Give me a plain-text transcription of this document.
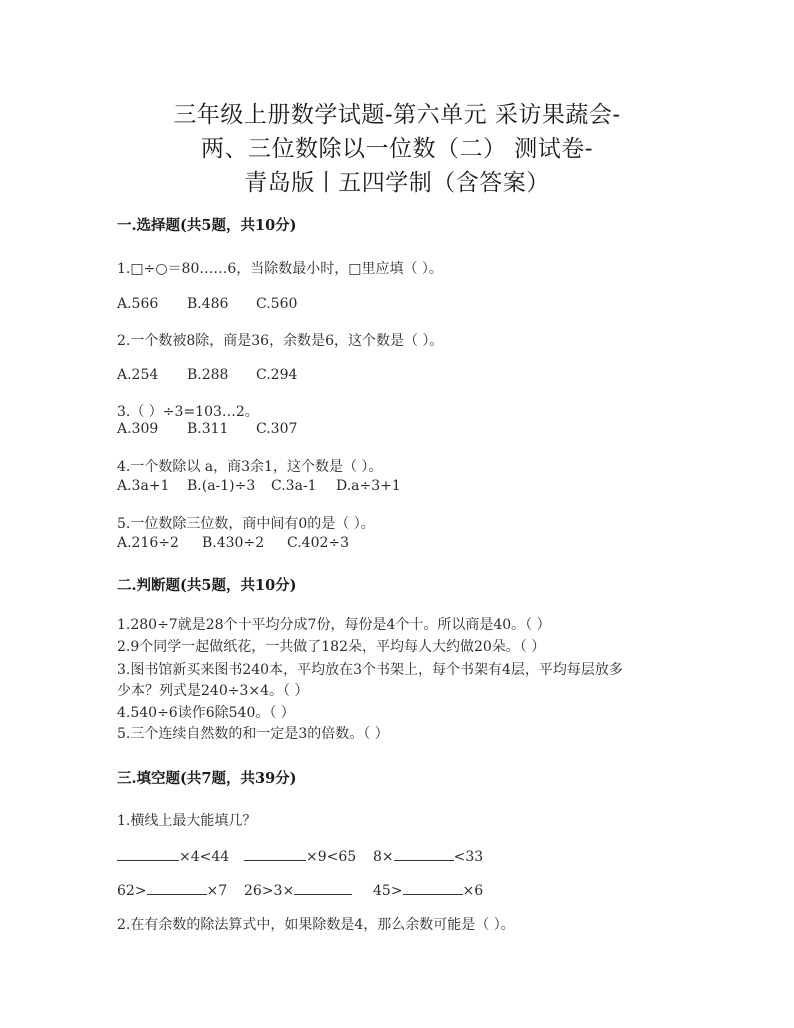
三年级上册数学试题-第六单元 采访果蔬会-
两、三位数除以一位数（二） 测试卷-
青岛版丨五四学制（含答案）
一.选择题(共5题，共10分)
1.□÷○＝80……6，当除数最小时，□里应填（ ）。
A.566 B.486 C.560
2.一个数被8除，商是36，余数是6，这个数是（ ）。
A.254 B.288 C.294
3.（ ）÷3=103…2。
A.309 B.311 C.307
4.一个数除以 a，商3余1，这个数是（ ）。
A.3a+1 B.(a-1)÷3 C.3a-1 D.a÷3+1
5.一位数除三位数，商中间有0的是（ ）。
A.216÷2 B.430÷2 C.402÷3
二.判断题(共5题，共10分)
1.280÷7就是28个十平均分成7份，每份是4个十。所以商是40。（ ）
2.9个同学一起做纸花，一共做了182朵，平均每人大约做20朵。（ ）
3.图书馆新买来图书240本，平均放在3个书架上，每个书架有4层，平均每层放多
少本？列式是240÷3×4。（ ）
4.540÷6读作6除540。（ ）
5.三个连续自然数的和一定是3的倍数。（ ）
三.填空题(共7题，共39分)
1.横线上最大能填几？
×4<44	×9<65 8×	<33
62>	×7 26>3×	45>	×6
2.在有余数的除法算式中，如果除数是4，那么余数可能是（ ）。
